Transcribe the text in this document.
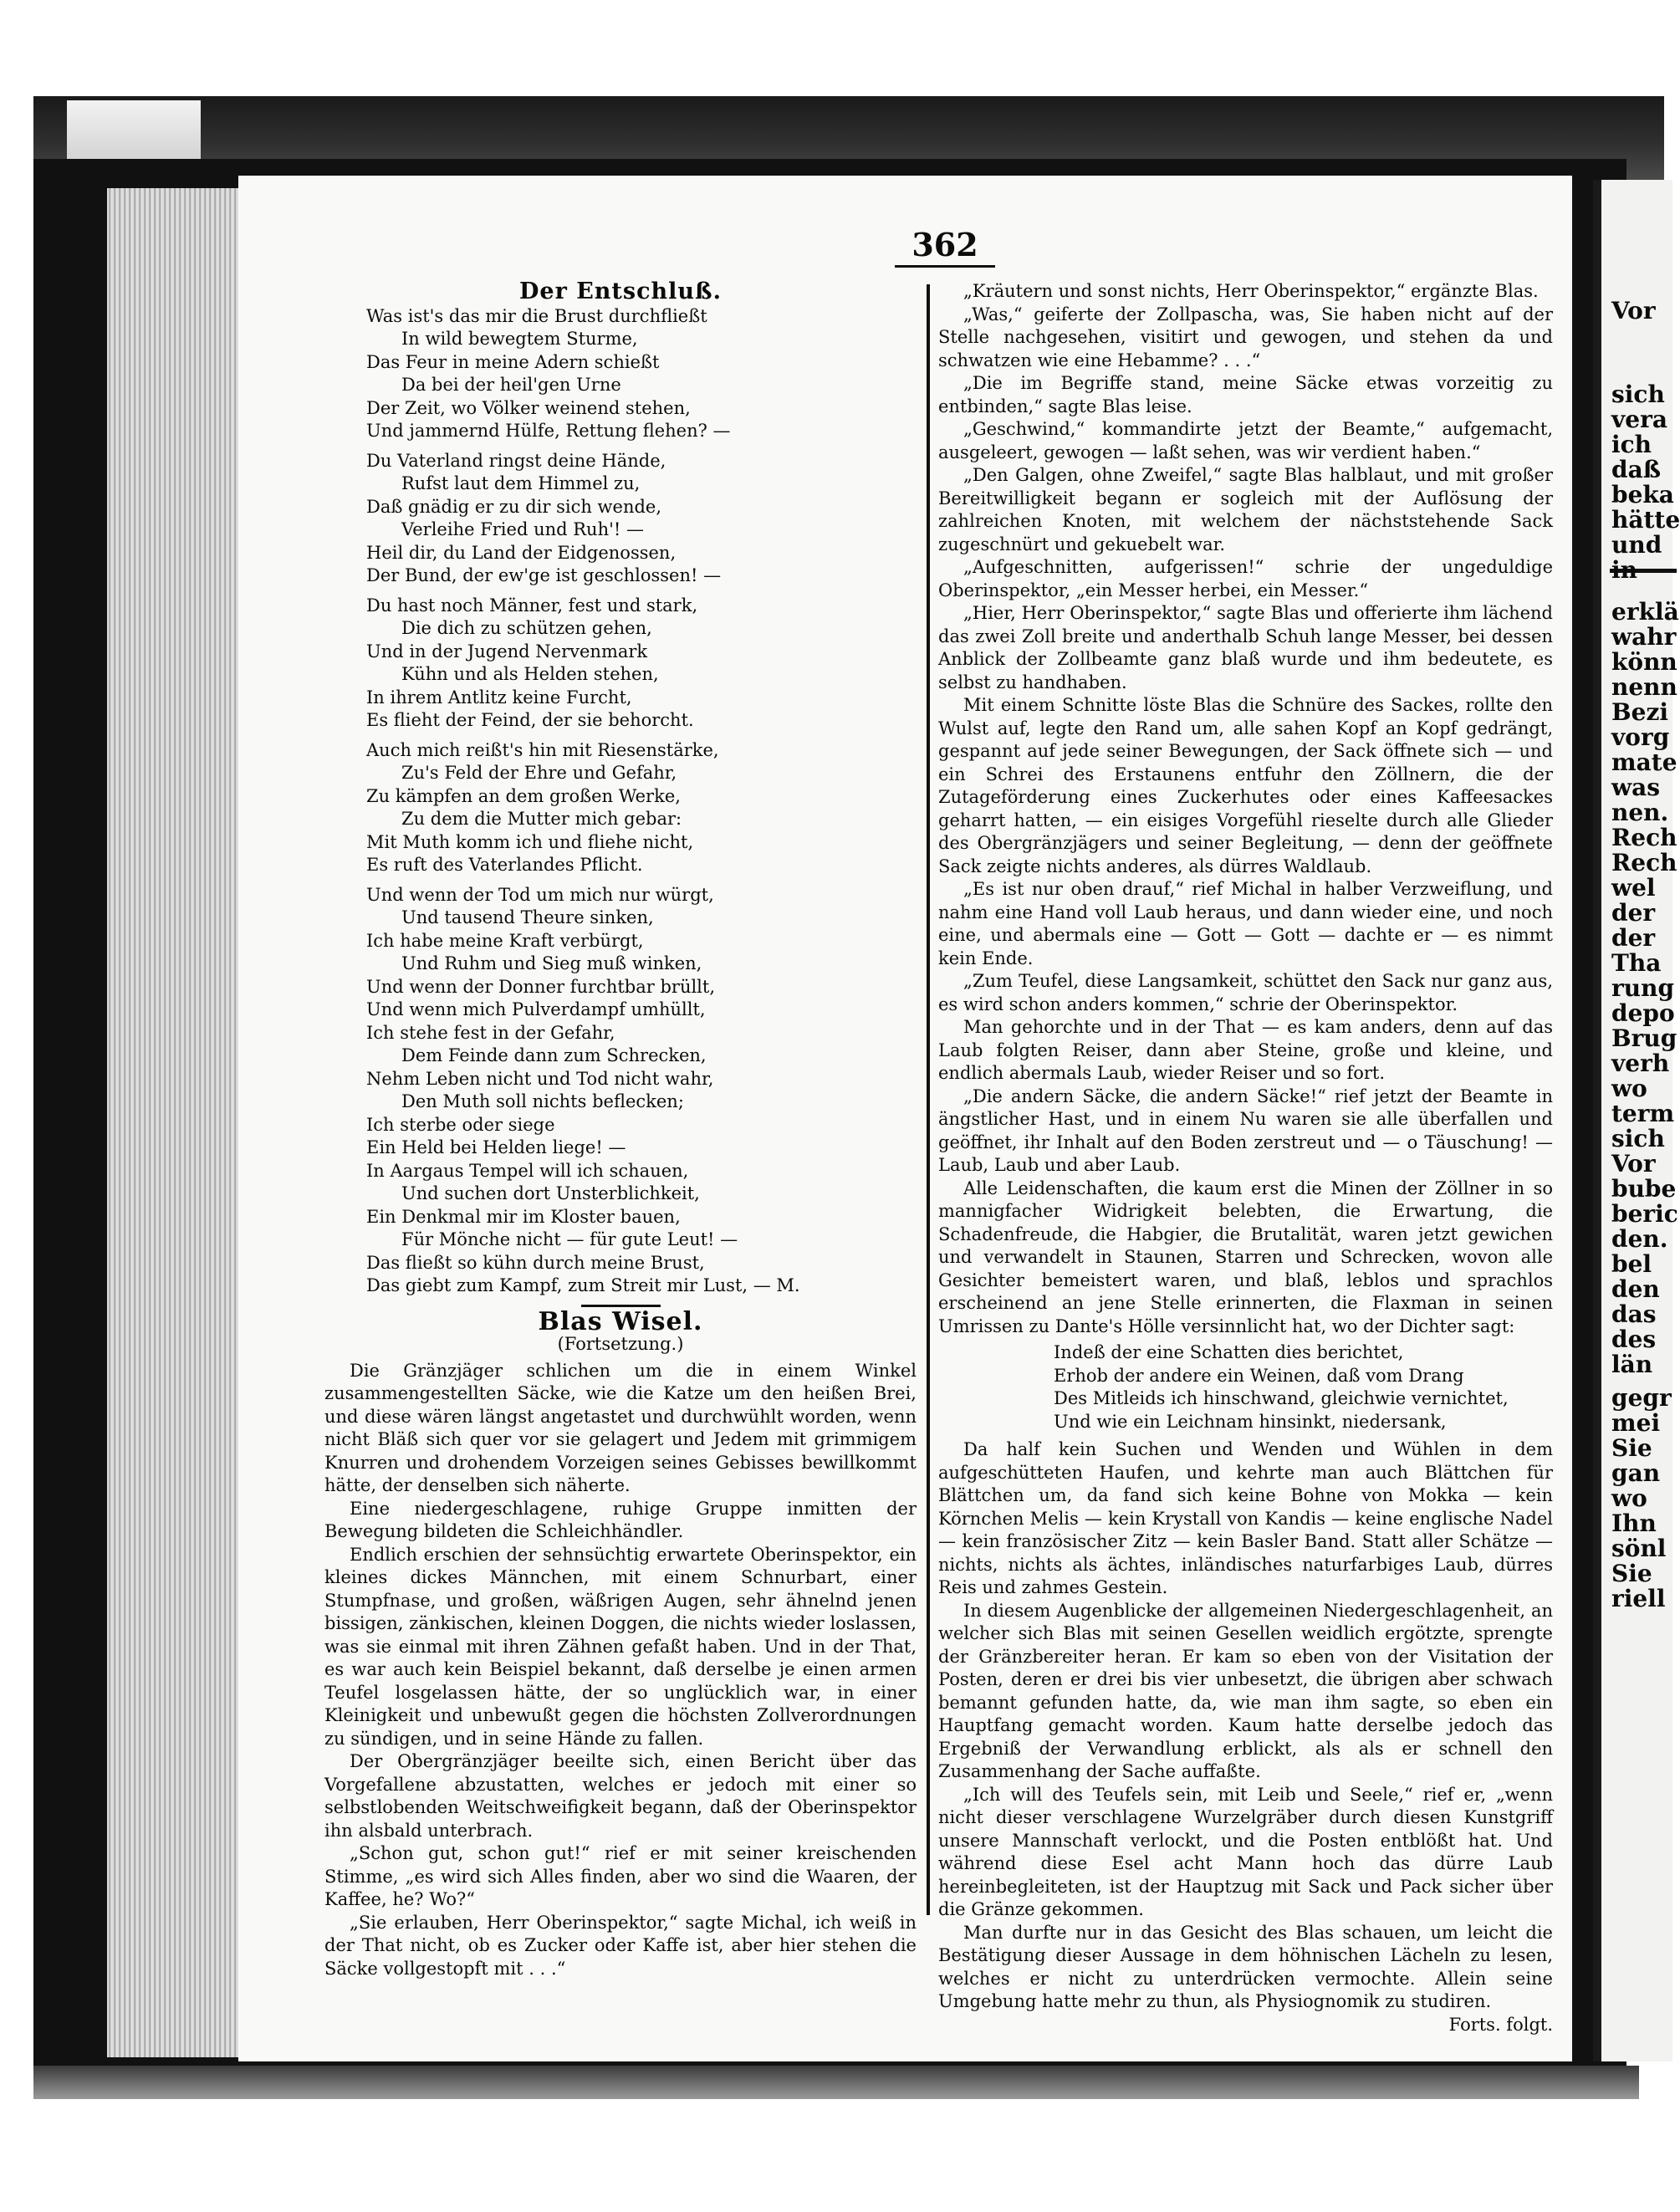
Vor
sich
vera
ich
daß
beka
hätte
und
in
erklä
wahr
könn
nenn
Bezi
vorg
mate
was
nen.
Rech
Rech
wel
der
der
Tha
rung
depo
Brug
verh
wo
term
sich
Vor
bube
beric
den.
bel
den
das
des
län
gegr
mei
Sie
gan
wo
Ihn
sönl
Sie
riell
362
Der Entschluß.
Was ist's das mir die Brust durchfließt
In wild bewegtem Sturme,
Das Feur in meine Adern schießt
Da bei der heil'gen Urne
Der Zeit, wo Völker weinend stehen,
Und jammernd Hülfe, Rettung flehen? —
Du Vaterland ringst deine Hände,
Rufst laut dem Himmel zu,
Daß gnädig er zu dir sich wende,
Verleihe Fried und Ruh'! —
Heil dir, du Land der Eidgenossen,
Der Bund, der ew'ge ist geschlossen! —
Du hast noch Männer, fest und stark,
Die dich zu schützen gehen,
Und in der Jugend Nervenmark
Kühn und als Helden stehen,
In ihrem Antlitz keine Furcht,
Es flieht der Feind, der sie behorcht.
Auch mich reißt's hin mit Riesenstärke,
Zu's Feld der Ehre und Gefahr,
Zu kämpfen an dem großen Werke,
Zu dem die Mutter mich gebar:
Mit Muth komm ich und fliehe nicht,
Es ruft des Vaterlandes Pflicht.
Und wenn der Tod um mich nur würgt,
Und tausend Theure sinken,
Ich habe meine Kraft verbürgt,
Und Ruhm und Sieg muß winken,
Und wenn der Donner furchtbar brüllt,
Und wenn mich Pulverdampf umhüllt,
Ich stehe fest in der Gefahr,
Dem Feinde dann zum Schrecken,
Nehm Leben nicht und Tod nicht wahr,
Den Muth soll nichts beflecken;
Ich sterbe oder siege
Ein Held bei Helden liege! —
In Aargaus Tempel will ich schauen,
Und suchen dort Unsterblichkeit,
Ein Denkmal mir im Kloster bauen,
Für Mönche nicht — für gute Leut! —
Das fließt so kühn durch meine Brust,
Das giebt zum Kampf, zum Streit mir Lust, — M.
Blas Wisel.
(Fortsetzung.)

Die Gränzjäger schlichen um die in einem Winkel zusammengestellten Säcke, wie die Katze um den heißen Brei, und diese wären längst angetastet und durchwühlt worden, wenn nicht Bläß sich quer vor sie gelagert und Jedem mit grimmigem Knurren und drohendem Vorzeigen seines Gebisses bewillkommt hätte, der denselben sich näherte.

Eine niedergeschlagene, ruhige Gruppe inmitten der Bewegung bildeten die Schleichhändler.

Endlich erschien der sehnsüchtig erwartete Oberinspektor, ein kleines dickes Männchen, mit einem Schnurbart, einer Stumpfnase, und großen, wäßrigen Augen, sehr ähnelnd jenen bissigen, zänkischen, kleinen Doggen, die nichts wieder loslassen, was sie einmal mit ihren Zähnen gefaßt haben. Und in der That, es war auch kein Beispiel bekannt, daß derselbe je einen armen Teufel losgelassen hätte, der so unglücklich war, in einer Kleinigkeit und unbewußt gegen die höchsten Zollverordnungen zu sündigen, und in seine Hände zu fallen.

Der Obergränzjäger beeilte sich, einen Bericht über das Vorgefallene abzustatten, welches er jedoch mit einer so selbstlobenden Weitschweifigkeit begann, daß der Oberinspektor ihn alsbald unterbrach.

„Schon gut, schon gut!“ rief er mit seiner kreischenden Stimme, „es wird sich Alles finden, aber wo sind die Waaren, der Kaffee, he? Wo?“

„Sie erlauben, Herr Oberinspektor,“ sagte Michal, ich weiß in der That nicht, ob es Zucker oder Kaffe ist, aber hier stehen die Säcke vollgestopft mit . . .“

„Kräutern und sonst nichts, Herr Oberinspektor,“ ergänzte Blas.

„Was,“ geiferte der Zollpascha, was, Sie haben nicht auf der Stelle nachgesehen, visitirt und gewogen, und stehen da und schwatzen wie eine Hebamme? . . .“

„Die im Begriffe stand, meine Säcke etwas vorzeitig zu entbinden,“ sagte Blas leise.

„Geschwind,“ kommandirte jetzt der Beamte,“ aufgemacht, ausgeleert, gewogen — laßt sehen, was wir verdient haben.“

„Den Galgen, ohne Zweifel,“ sagte Blas halblaut, und mit großer Bereitwilligkeit begann er sogleich mit der Auflösung der zahlreichen Knoten, mit welchem der nächststehende Sack zugeschnürt und gekuebelt war.

„Aufgeschnitten, aufgerissen!“ schrie der ungeduldige Oberinspektor, „ein Messer herbei, ein Messer.“

„Hier, Herr Oberinspektor,“ sagte Blas und offerierte ihm lächend das zwei Zoll breite und anderthalb Schuh lange Messer, bei dessen Anblick der Zollbeamte ganz blaß wurde und ihm bedeutete, es selbst zu handhaben.

Mit einem Schnitte löste Blas die Schnüre des Sackes, rollte den Wulst auf, legte den Rand um, alle sahen Kopf an Kopf gedrängt, gespannt auf jede seiner Bewegungen, der Sack öffnete sich — und ein Schrei des Erstaunens entfuhr den Zöllnern, die der Zutageförderung eines Zuckerhutes oder eines Kaffeesackes geharrt hatten, — ein eisiges Vorgefühl rieselte durch alle Glieder des Obergränzjägers und seiner Begleitung, — denn der geöffnete Sack zeigte nichts anderes, als dürres Waldlaub.

„Es ist nur oben drauf,“ rief Michal in halber Verzweiflung, und nahm eine Hand voll Laub heraus, und dann wieder eine, und noch eine, und abermals eine — Gott — Gott — dachte er — es nimmt kein Ende.

„Zum Teufel, diese Langsamkeit, schüttet den Sack nur ganz aus, es wird schon anders kommen,“ schrie der Oberinspektor.

Man gehorchte und in der That — es kam anders, denn auf das Laub folgten Reiser, dann aber Steine, große und kleine, und endlich abermals Laub, wieder Reiser und so fort.

„Die andern Säcke, die andern Säcke!“ rief jetzt der Beamte in ängstlicher Hast, und in einem Nu waren sie alle überfallen und geöffnet, ihr Inhalt auf den Boden zerstreut und — o Täuschung! — Laub, Laub und aber Laub.

Alle Leidenschaften, die kaum erst die Minen der Zöllner in so mannigfacher Widrigkeit belebten, die Erwartung, die Schadenfreude, die Habgier, die Brutalität, waren jetzt gewichen und verwandelt in Staunen, Starren und Schrecken, wovon alle Gesichter bemeistert waren, und blaß, leblos und sprachlos erscheinend an jene Stelle erinnerten, die Flaxman in seinen Umrissen zu Dante's Hölle versinnlicht hat, wo der Dichter sagt:

Indeß der eine Schatten dies berichtet,
Erhob der andere ein Weinen, daß vom Drang
Des Mitleids ich hinschwand, gleichwie vernichtet,
Und wie ein Leichnam hinsinkt, niedersank,

Da half kein Suchen und Wenden und Wühlen in dem aufgeschütteten Haufen, und kehrte man auch Blättchen für Blättchen um, da fand sich keine Bohne von Mokka — kein Körnchen Melis — kein Krystall von Kandis — keine englische Nadel — kein französischer Zitz — kein Basler Band. Statt aller Schätze — nichts, nichts als ächtes, inländisches naturfarbiges Laub, dürres Reis und zahmes Gestein.

In diesem Augenblicke der allgemeinen Niedergeschlagenheit, an welcher sich Blas mit seinen Gesellen weidlich ergötzte, sprengte der Gränzbereiter heran. Er kam so eben von der Visitation der Posten, deren er drei bis vier unbesetzt, die übrigen aber schwach bemannt gefunden hatte, da, wie man ihm sagte, so eben ein Hauptfang gemacht worden. Kaum hatte derselbe jedoch das Ergebniß der Verwandlung erblickt, als als er schnell den Zusammenhang der Sache auffaßte.

„Ich will des Teufels sein, mit Leib und Seele,“ rief er, „wenn nicht dieser verschlagene Wurzelgräber durch diesen Kunstgriff unsere Mannschaft verlockt, und die Posten entblößt hat. Und während diese Esel acht Mann hoch das dürre Laub hereinbegleiteten, ist der Hauptzug mit Sack und Pack sicher über die Gränze gekommen.

Man durfte nur in das Gesicht des Blas schauen, um leicht die Bestätigung dieser Aussage in dem höhnischen Lächeln zu lesen, welches er nicht zu unterdrücken vermochte. Allein seine Umgebung hatte mehr zu thun, als Physiognomik zu studiren.

Forts. folgt.
